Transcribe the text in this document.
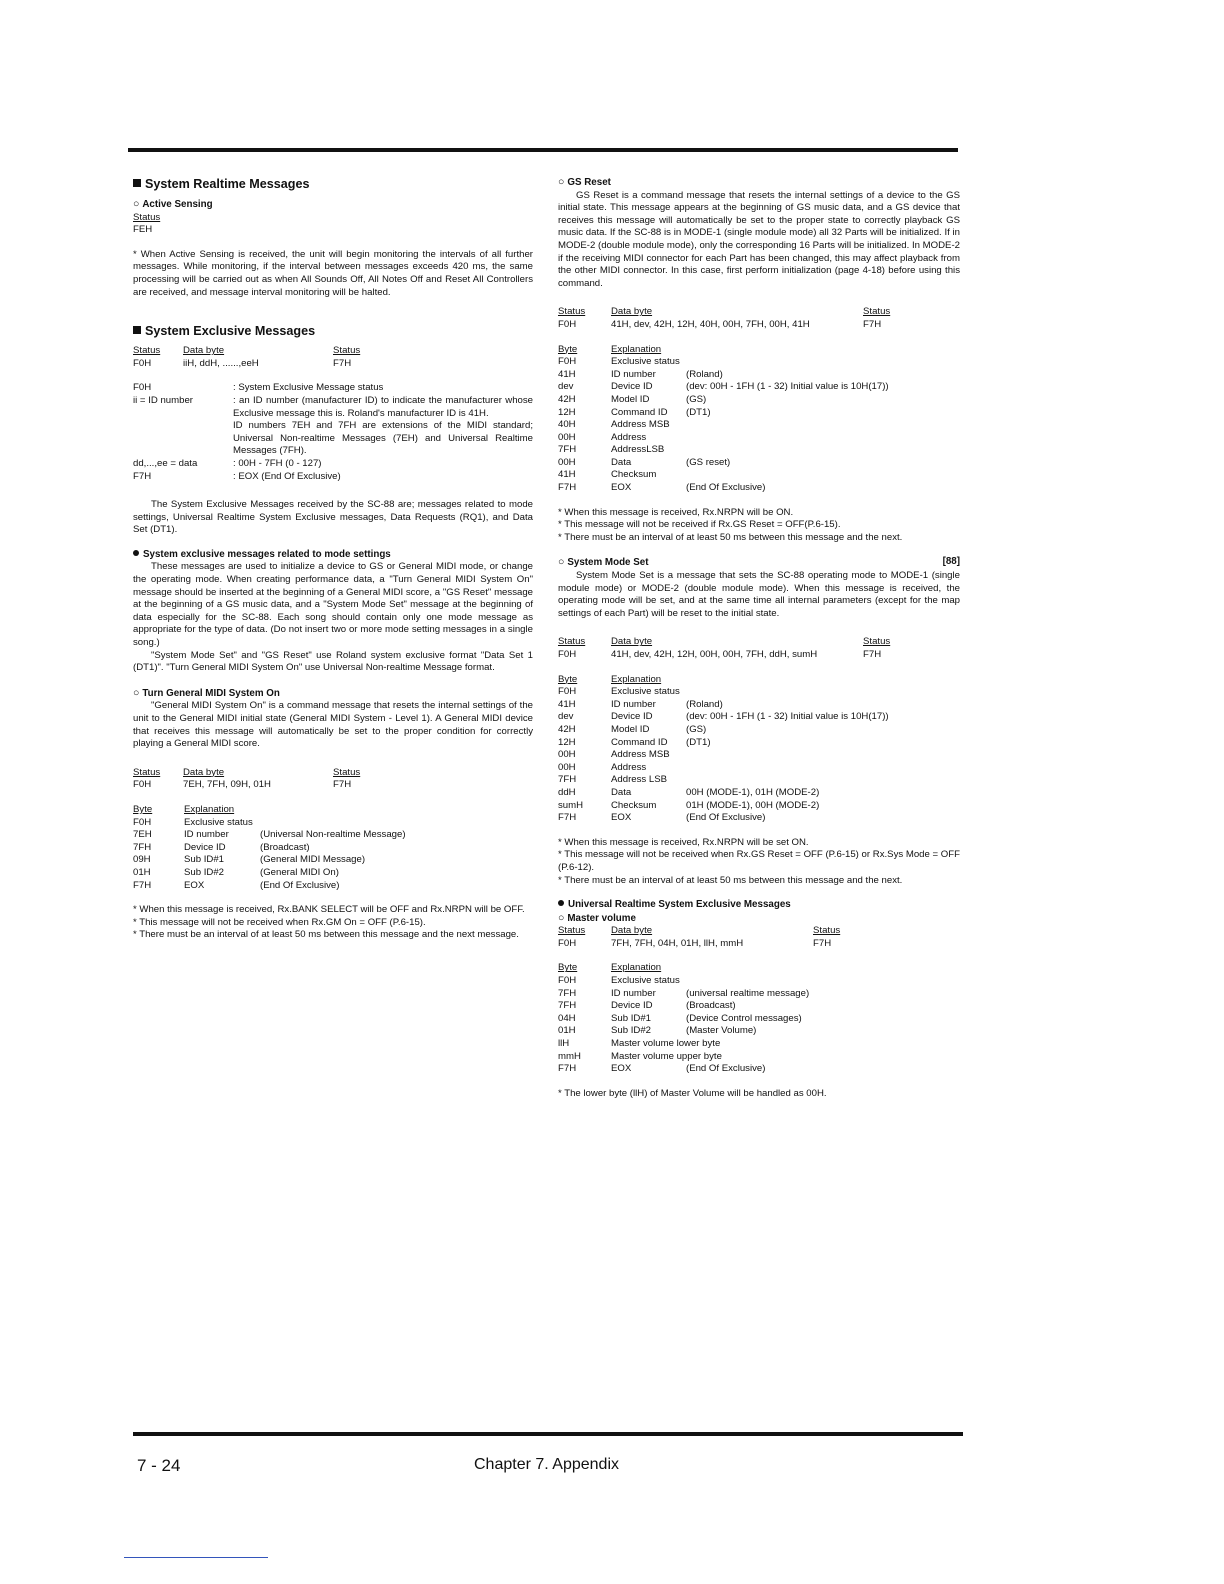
System Realtime Messages
○ Active Sensing
Status
FEH

* When Active Sensing is received, the unit will begin monitoring the intervals of all further messages. While monitoring, if the interval between messages exceeds 420 ms, the same processing will be carried out as when All Sounds Off, All Notes Off and Reset All Controllers are received, and message interval monitoring will be halted.

System Exclusive Messages
Status	Data byte	Status
F0H	iiH, ddH, ......,eeH	F7H
F0H	: System Exclusive Message status
ii = ID number	: an ID number (manufacturer ID) to indicate the manufacturer whose Exclusive message this is. Roland's manufacturer ID is 41H.
ID numbers 7EH and 7FH are extensions of the MIDI standard; Universal Non-realtime Messages (7EH) and Universal Realtime Messages (7FH).
dd,...,ee = data	: 00H - 7FH (0 - 127)
F7H	: EOX (End Of Exclusive)

The System Exclusive Messages received by the SC-88 are; messages related to mode settings, Universal Realtime System Exclusive messages, Data Requests (RQ1), and Data Set (DT1).

System exclusive messages related to mode settings

These messages are used to initialize a device to GS or General MIDI mode, or change the operating mode. When creating performance data, a "Turn General MIDI System On" message should be inserted at the beginning of a General MIDI score, a "GS Reset" message at the beginning of a GS music data, and a "System Mode Set" message at the beginning of data especially for the SC-88. Each song should contain only one mode message as appropriate for the type of data. (Do not insert two or more mode setting messages in a single song.)

"System Mode Set" and "GS Reset" use Roland system exclusive format "Data Set 1 (DT1)". "Turn General MIDI System On" use Universal Non-realtime Message format.

○ Turn General MIDI System On

"General MIDI System On" is a command message that resets the internal settings of the unit to the General MIDI initial state (General MIDI System - Level 1). A General MIDI device that receives this message will automatically be set to the proper condition for correctly playing a General MIDI score.

Status	Data byte	Status
F0H	7EH, 7FH, 09H, 01H	F7H
Byte	Explanation	
F0H	Exclusive status	
7EH	ID number	(Universal Non-realtime Message)
7FH	Device ID	(Broadcast)
09H	Sub ID#1	(General MIDI Message)
01H	Sub ID#2	(General MIDI On)
F7H	EOX	(End Of Exclusive)

* When this message is received, Rx.BANK SELECT will be OFF and Rx.NRPN will be OFF.

* This message will not be received when Rx.GM On = OFF (P.6-15).

* There must be an interval of at least 50 ms between this message and the next message.

○ GS Reset

GS Reset is a command message that resets the internal settings of a device to the GS initial state. This message appears at the beginning of GS music data, and a GS device that receives this message will automatically be set to the proper state to correctly playback GS music data. If the SC-88 is in MODE-1 (single module mode) all 32 Parts will be initialized. If in MODE-2 (double module mode), only the corresponding 16 Parts will be initialized. In MODE-2 if the receiving MIDI connector for each Part has been changed, this may affect playback from the other MIDI connector. In this case, first perform initialization (page 4-18) before using this command.

Status	Data byte	Status
F0H	41H, dev, 42H, 12H, 40H, 00H, 7FH, 00H, 41H	F7H
Byte	Explanation	
F0H	Exclusive status	
41H	ID number	(Roland)
dev	Device ID	(dev: 00H - 1FH (1 - 32) Initial value is 10H(17))
42H	Model ID	(GS)
12H	Command ID	(DT1)
40H	Address MSB	
00H	Address	
7FH	AddressLSB	
00H	Data	(GS reset)
41H	Checksum	
F7H	EOX	(End Of Exclusive)

* When this message is received, Rx.NRPN will be ON.

* This message will not be received if Rx.GS Reset = OFF(P.6-15).

* There must be an interval of at least 50 ms between this message and the next.

○ System Mode Set	[88]

System Mode Set is a message that sets the SC-88 operating mode to MODE-1 (single module mode) or MODE-2 (double module mode). When this message is received, the operating mode will be set, and at the same time all internal parameters (except for the map settings of each Part) will be reset to the initial state.

Status	Data byte	Status
F0H	41H, dev, 42H, 12H, 00H, 00H, 7FH, ddH, sumH	F7H
Byte	Explanation	
F0H	Exclusive status	
41H	ID number	(Roland)
dev	Device ID	(dev: 00H - 1FH (1 - 32) Initial value is 10H(17))
42H	Model ID	(GS)
12H	Command ID	(DT1)
00H	Address MSB	
00H	Address	
7FH	Address LSB	
ddH	Data	00H (MODE-1), 01H (MODE-2)
sumH	Checksum	01H (MODE-1), 00H (MODE-2)
F7H	EOX	(End Of Exclusive)

* When this message is received, Rx.NRPN will be set ON.

* This message will not be received when Rx.GS Reset = OFF (P.6-15) or Rx.Sys Mode = OFF (P.6-12).

* There must be an interval of at least 50 ms between this message and the next.

Universal Realtime System Exclusive Messages
○ Master volume
Status	Data byte	Status
F0H	7FH, 7FH, 04H, 01H, llH, mmH	F7H
Byte	Explanation	
F0H	Exclusive status	
7FH	ID number	(universal realtime message)
7FH	Device ID	(Broadcast)
04H	Sub ID#1	(Device Control messages)
01H	Sub ID#2	(Master Volume)
llH	Master volume lower byte	
mmH	Master volume upper byte	
F7H	EOX	(End Of Exclusive)

* The lower byte (llH) of Master Volume will be handled as 00H.

7 - 24	Chapter 7. Appendix
